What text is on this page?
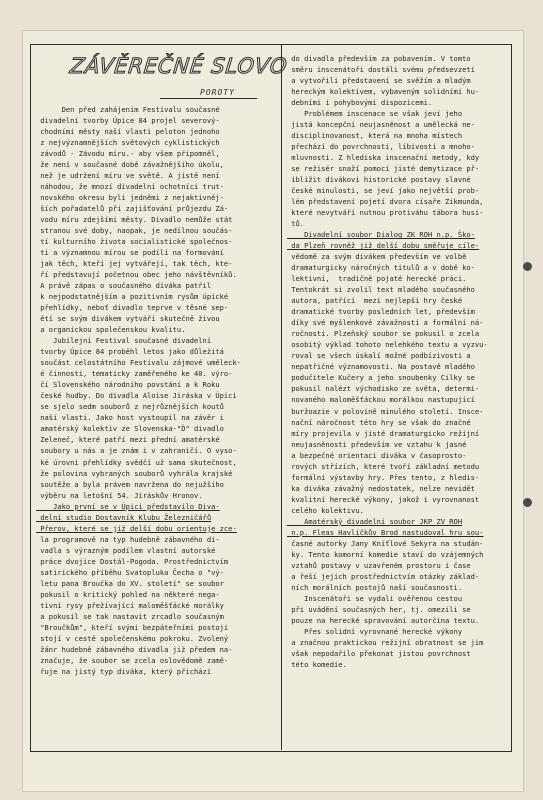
ZÁVĚREČNÉ SLOVO
POROTY
Den před zahájením Festivalu současné
divadelní tvorby Úpice 84 projel severový-
chodními městy naší vlasti peloton jednoho
z nejvýznamnějších světových cyklistických
závodů - Závodu míru.- aby všem připomněl,
že není v současné době závažnějšího úkolu,
než je udržení míru ve světě. A jistě není
náhodou, že mnozí divadelní ochotníci trut-
novského okresu byli jedněmi z nejaktivněj-
ších pořadatelů při zajišťování průjezdu Zá-
vodu míru zdejšími městy. Divadlo nemůže stát
stranou své doby, naopak, je nedílnou součás-
tí kulturního života socialistické společnos-
ti a významnou mírou se podílí na formování
jak těch, kteří jej vytvářejí, tak těch, kte-
ří představují početnou obec jeho návštěvníků.
A právě zápas o současného diváka patřil
k nejpodstatnějším a pozitivním rysům úpické
přehlídky, neboť divadlo teprve v těsné sep-
ětí se svým divákem vytváří skutečně živou
a organickou společenskou kvalitu.
Jubilejní Festival současné divadelní
tvorby Úpice 84 proběhl letos jako důležitá
součást celostátního Festivalu zájmové uměleck-
é činnosti, tematicky zaměřeného ke 40. výro-
čí Slovenského národního povstání a k Roku
české hudby. Do divadla Aloise Jiráska v Úpici
se sjelo sedm souborů z nejrůznějších koutů
naší vlasti. Jako host vystoupil na závěr i
amatérský kolektiv ze Slovenska-"Ď" divadlo
Zeleneč, které patří mezi přední amatérské
soubory u nás a je znám i v zahraničí. O vyso-
ké úrovni přehlídky svědčí už sama skutečnost,
že polovina vybraných souborů vyhrála krajské
soutěže a byla právem navržena do nejužšího
výběru na letošní 54. Jiráskův Hronov.
Jako první se v Úpici představilo Diva-
delní studio Dostavník Klubu Železničářů
Přerov, které se již delší dobu orientuje zce-
la programově na typ hudebně zábavného di-
vadla s výrazným podílem vlastní autorské
práce dvojice Dostál-Pogoda. Prostřednictvím
satirického příběhu Svatopluka Čecha o "vý-
letu pana Broučka do XV. století" se soubor
pokusil o kritický pohled na některé nega-
tivní rysy přežívající maloměšťácké morálky
a pokusil se tak nastavit zrcadlo současným
"Broučkům", kteří svými bezpáteřními postoji
stojí v cestě společenskému pokroku. Zvolený
žánr hudebně zábavného divadla již předem na-
značuje, že soubor se zcela oslovědomě zamě-
řuje na jistý typ diváka, který přichází
do divadla především za pobavením. V tomto
směru inscenátoři dostáli svému předsevzetí
a vytvořili představení se svěžím a mladým
hereckým kolektivem, vybaveným solidními hu-
debními i pohybovými dispozicemi.
Problémem inscenace se však jeví jeho
jistá koncepční neujasněnost a umělecká ne-
disciplinovanost, která na mnoha místech
přechází do povrchnosti, líbivosti a mnoho-
mluvnosti. Z hlediska inscenační metody, kdy
se režisér snaží pomocí jisté demytizace př-
iblížit divákovi historické postavy slavné
české minulosti, se jeví jako největší prob-
lém představení pojetí dvora císaře Zikmunda,
které nevytváří nutnou protiváhu tábora husi-
tů.
Divadelní soubor Dialog ZK ROH n.p. Ško-
da Plzeň rovněž již delší dobu směřuje cíle-
vědomě za svým divákem především ve volbě
dramaturgicky náročných titulů a v době ko-
lektivní,  tradičně pojaté herecké práci.
Tentokrát si zvolil text mladého současného
autora, patřící  mezi nejlepší hry české
dramatické tvorby posledních let, především
díky své myšlenkové závažnosti a formální ná-
ročnosti. Plzeňský soubor se pokusil o zcela
osobitý výklad tohoto nelehkého textu a vyzvu-
roval se všech úskalí možné podbízivosti a
nepatřičné významovosti. Na postavě mladého
podučitele Kučery a jeho snoubenky Cilky se
pokusil nalézt východisko ze světa, determi-
novaného maloměšťáckou morálkou nastupující
buržoazie v polovině minulého století. Insce-
nační náročnost této hry se však do značné
míry projevila v jisté dramaturgicko režijní
neujasněnosti především ve vztahu k jasné
a bezpečné orientaci diváka v časoprosto-
rových střízích, které tvoří základní metodu
formální výstavby hry. Přes tento, z hledis-
ka diváka závažný nedostatek, nelze nevidět
kvalitní herecké výkony, jakož i vyrovnanost
celého kolektivu.
Amatérský divadelní soubor JKP ZV ROH
n.p. Fleas Havlíčkův Brod nastudoval hru sou-
časné autorky Jany Kníťlové Sekyra na studán-
ky. Tento komorní komedie staví do vzájemných
vztahů postavy v uzavřeném prostoru i čase
a řeší jejich prostřednictvím otázky základ-
ních morálních postojů naší současnosti.
Inscenátoři se vydali ověřenou cestou
při uvádění současných her, tj. omezili se
pouze na herecké spravování autorčina textu.
Přes solidní vyrovnané herecké výkony
a značnou praktickou režijní obratnost se jim
však nepodařilo překonat jistou povrchnost
této komedie.
